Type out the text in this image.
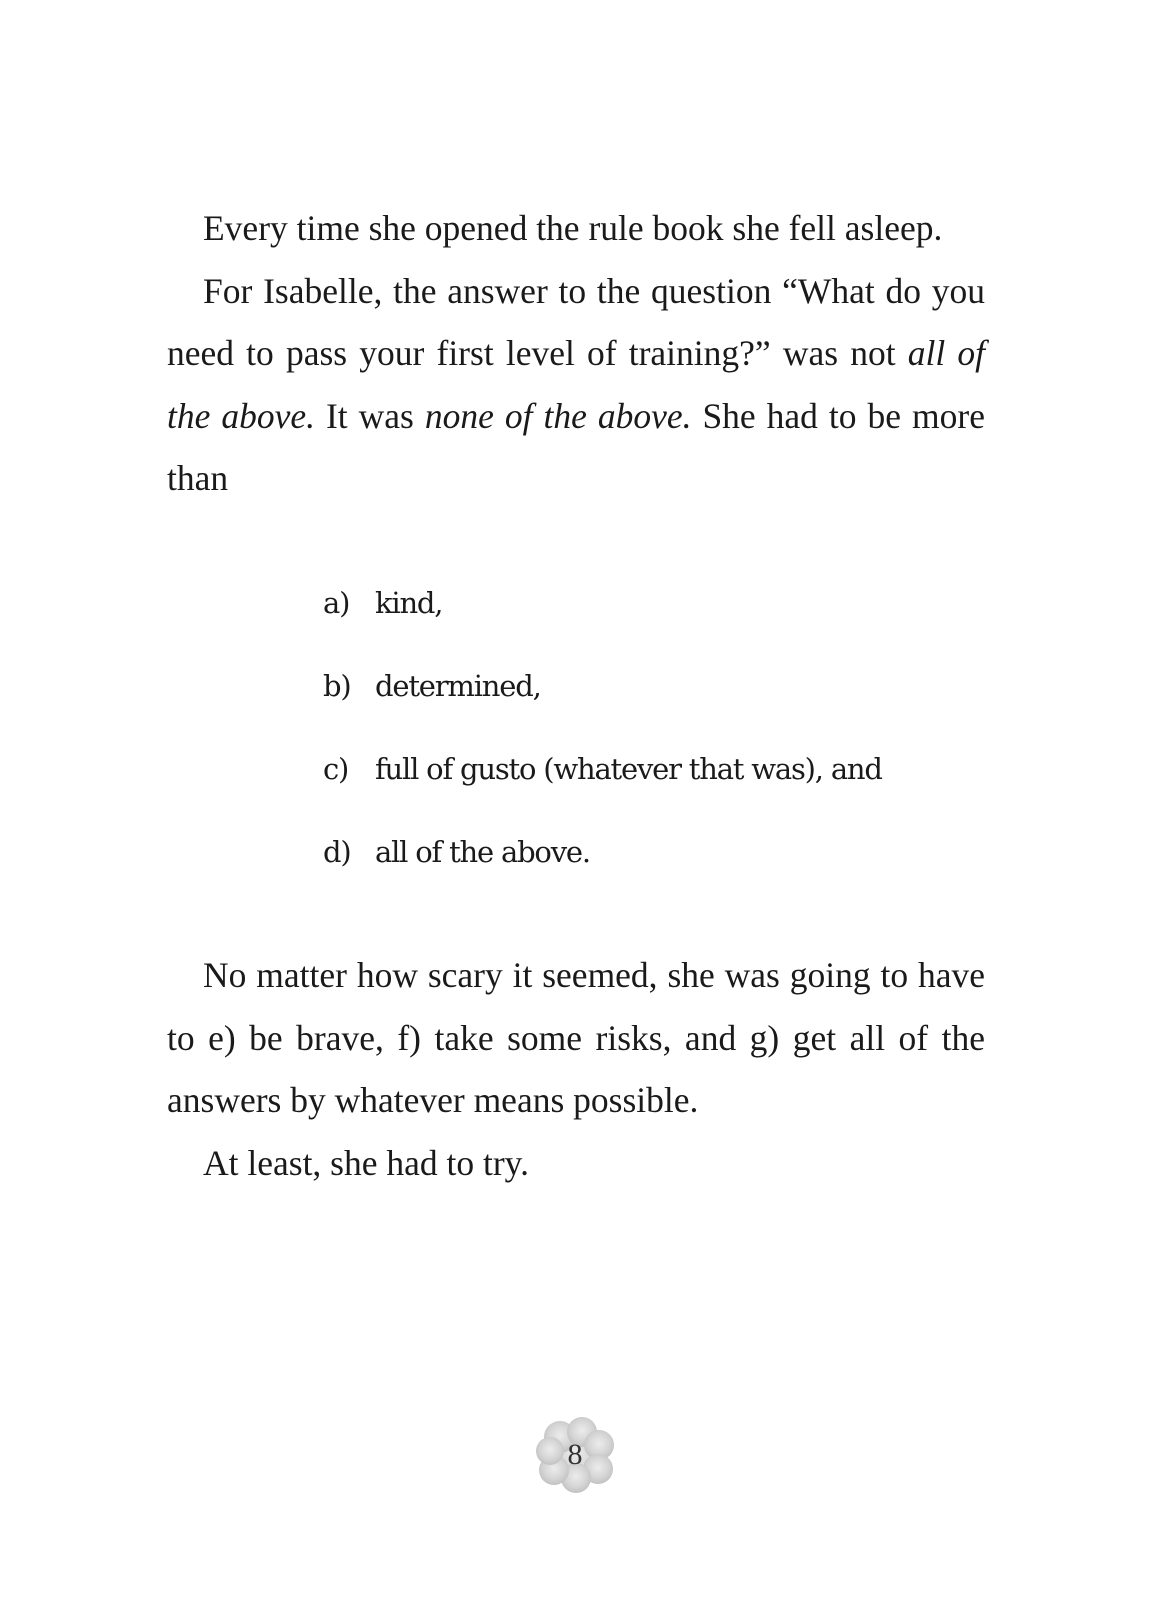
Every time she opened the rule book she fell asleep.

For Isabelle, the answer to the question “What do you need to pass your first level of training?” was not all of the above. It was none of the above. She had to be more than

a) kind,
b) determined,
c) full of gusto (whatever that was), and
d) all of the above.

No matter how scary it seemed, she was going to have to e) be brave, f) take some risks, and g) get all of the answers by whatever means possible.

At least, she had to try.

8
